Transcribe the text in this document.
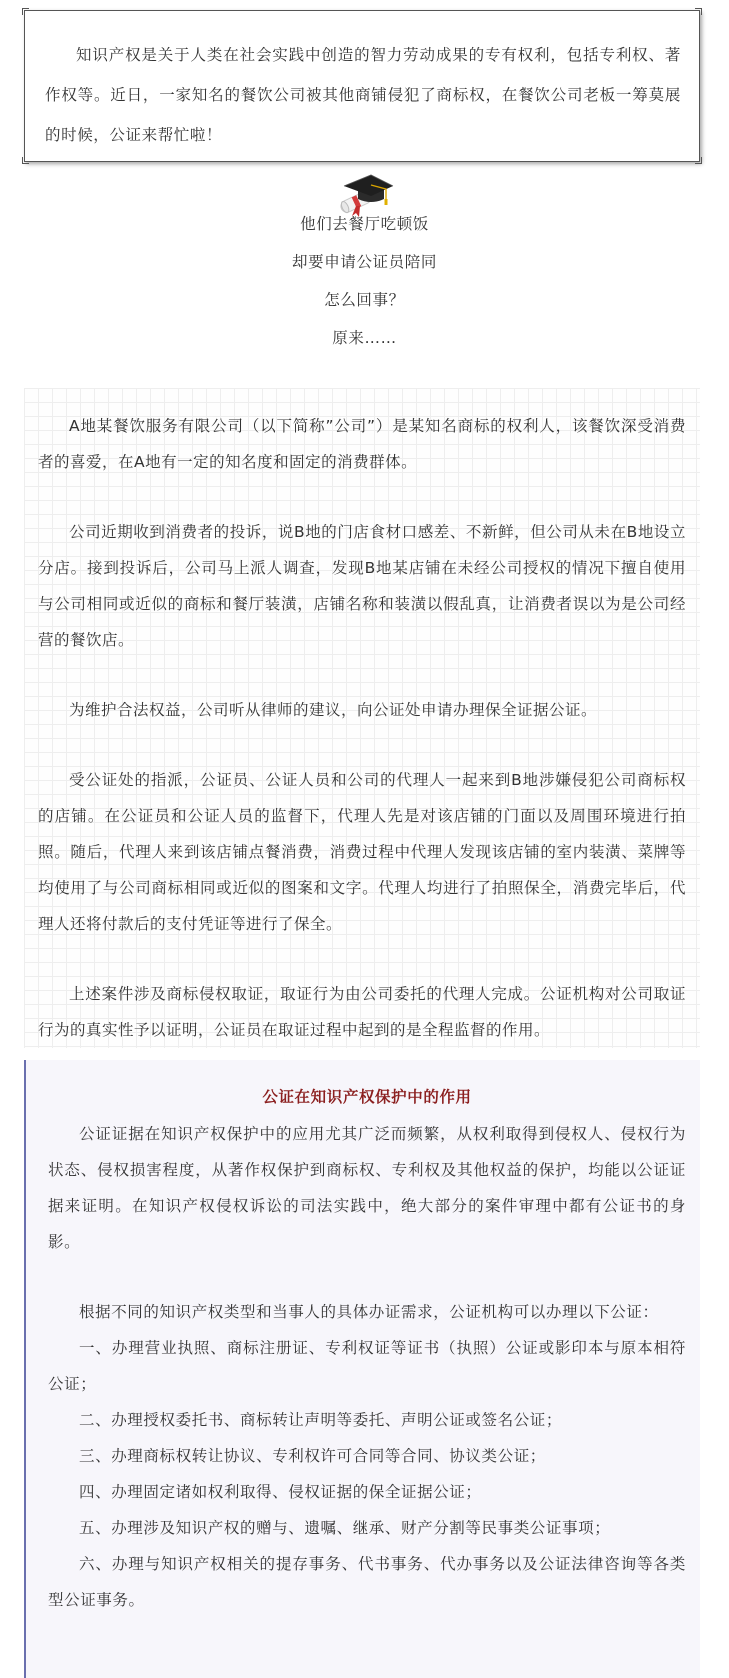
知识产权是关于人类在社会实践中创造的智力劳动成果的专有权利，包括专利权、著作权等。近日，一家知名的餐饮公司被其他商铺侵犯了商标权，在餐饮公司老板一筹莫展的时候，公证来帮忙啦！

他们去餐厅吃顿饭
却要申请公证员陪同
怎么回事？
原来……

A地某餐饮服务有限公司（以下简称”公司”）是某知名商标的权利人，该餐饮深受消费者的喜爱，在A地有一定的知名度和固定的消费群体。

公司近期收到消费者的投诉，说B地的门店食材口感差、不新鲜，但公司从未在B地设立分店。接到投诉后，公司马上派人调查，发现B地某店铺在未经公司授权的情况下擅自使用与公司相同或近似的商标和餐厅装潢，店铺名称和装潢以假乱真，让消费者误以为是公司经营的餐饮店。

为维护合法权益，公司听从律师的建议，向公证处申请办理保全证据公证。

受公证处的指派，公证员、公证人员和公司的代理人一起来到B地涉嫌侵犯公司商标权的店铺。在公证员和公证人员的监督下，代理人先是对该店铺的门面以及周围环境进行拍照。随后，代理人来到该店铺点餐消费，消费过程中代理人发现该店铺的室内装潢、菜牌等均使用了与公司商标相同或近似的图案和文字。代理人均进行了拍照保全，消费完毕后，代理人还将付款后的支付凭证等进行了保全。

上述案件涉及商标侵权取证，取证行为由公司委托的代理人完成。公证机构对公司取证行为的真实性予以证明，公证员在取证过程中起到的是全程监督的作用。

公证在知识产权保护中的作用

公证证据在知识产权保护中的应用尤其广泛而频繁，从权利取得到侵权人、侵权行为状态、侵权损害程度，从著作权保护到商标权、专利权及其他权益的保护，均能以公证证据来证明。在知识产权侵权诉讼的司法实践中，绝大部分的案件审理中都有公证书的身影。

根据不同的知识产权类型和当事人的具体办证需求，公证机构可以办理以下公证：

一、办理营业执照、商标注册证、专利权证等证书（执照）公证或影印本与原本相符公证；

二、办理授权委托书、商标转让声明等委托、声明公证或签名公证；

三、办理商标权转让协议、专利权许可合同等合同、协议类公证；

四、办理固定诸如权利取得、侵权证据的保全证据公证；

五、办理涉及知识产权的赠与、遗嘱、继承、财产分割等民事类公证事项；

六、办理与知识产权相关的提存事务、代书事务、代办事务以及公证法律咨询等各类型公证事务。
